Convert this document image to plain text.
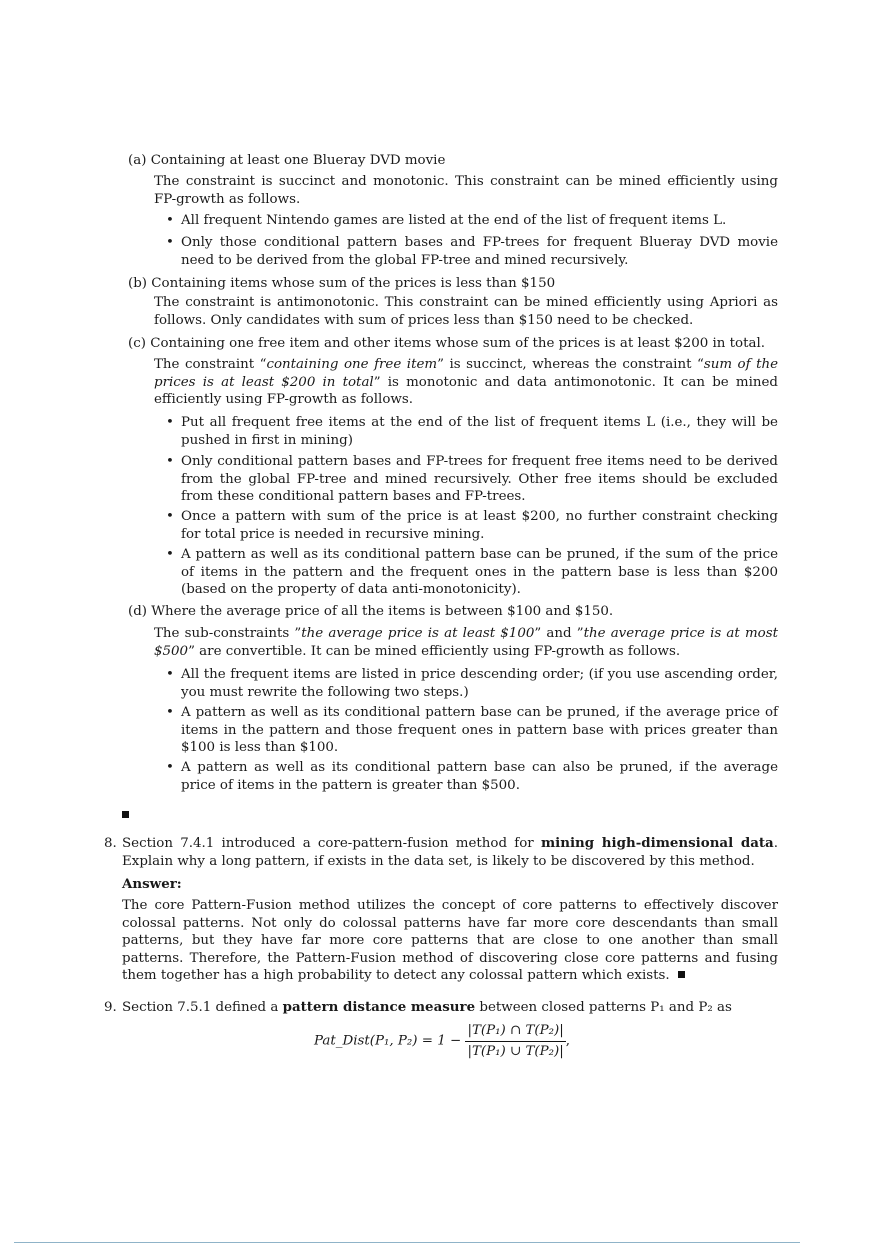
(a) Containing at least one Blueray DVD movie
The constraint is succinct and monotonic. This constraint can be mined efficiently using FP-growth as follows.
• All frequent Nintendo games are listed at the end of the list of frequent items L.
• Only those conditional pattern bases and FP-trees for frequent Blueray DVD movie need to be derived from the global FP-tree and mined recursively.
(b) Containing items whose sum of the prices is less than $150
The constraint is antimonotonic. This constraint can be mined efficiently using Apriori as follows. Only candidates with sum of prices less than $150 need to be checked.
(c) Containing one free item and other items whose sum of the prices is at least $200 in total.
The constraint “containing one free item” is succinct, whereas the constraint “sum of the prices is at least $200 in total” is monotonic and data antimonotonic. It can be mined efficiently using FP-growth as follows.
• Put all frequent free items at the end of the list of frequent items L (i.e., they will be pushed in first in mining)
• Only conditional pattern bases and FP-trees for frequent free items need to be derived from the global FP-tree and mined recursively. Other free items should be excluded from these conditional pattern bases and FP-trees.
• Once a pattern with sum of the price is at least $200, no further constraint checking for total price is needed in recursive mining.
• A pattern as well as its conditional pattern base can be pruned, if the sum of the price of items in the pattern and the frequent ones in the pattern base is less than $200 (based on the property of data anti-monotonicity).
(d) Where the average price of all the items is between $100 and $150.
The sub-constraints ”the average price is at least $100” and ”the average price is at most $500” are convertible. It can be mined efficiently using FP-growth as follows.
• All the frequent items are listed in price descending order; (if you use ascending order, you must rewrite the following two steps.)
• A pattern as well as its conditional pattern base can be pruned, if the average price of items in the pattern and those frequent ones in pattern base with prices greater than $100 is less than $100.
• A pattern as well as its conditional pattern base can also be pruned, if the average price of items in the pattern is greater than $500.
8. Section 7.4.1 introduced a core-pattern-fusion method for mining high-dimensional data. Explain why a long pattern, if exists in the data set, is likely to be discovered by this method.
Answer:
The core Pattern-Fusion method utilizes the concept of core patterns to effectively discover colossal patterns. Not only do colossal patterns have far more core descendants than small patterns, but they have far more core patterns that are close to one another than small patterns. Therefore, the Pattern-Fusion method of discovering close core patterns and fusing them together has a high probability to detect any colossal pattern which exists.
9. Section 7.5.1 defined a pattern distance measure between closed patterns P₁ and P₂ as
Pat_Dist(P₁, $P_2) = 1 - \frac{\text{|T(P₁) ∩ T(P₂)|}}{\text{|T(P₁) ∪ T(P₂)|}}$ ,
